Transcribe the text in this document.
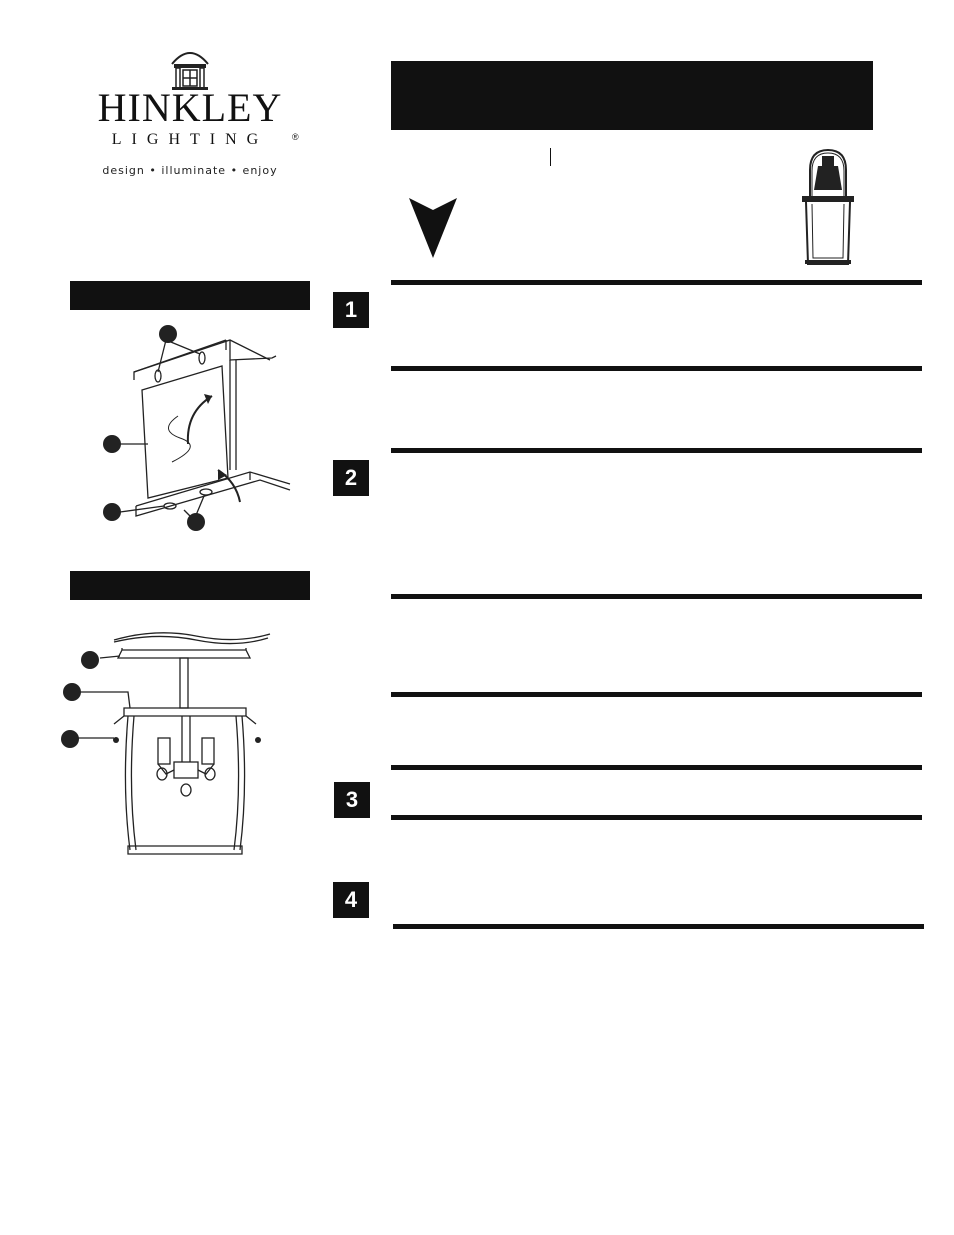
HINKLEY
®
LIGHTING
design • illuminate • enjoy
1
2
3
4
